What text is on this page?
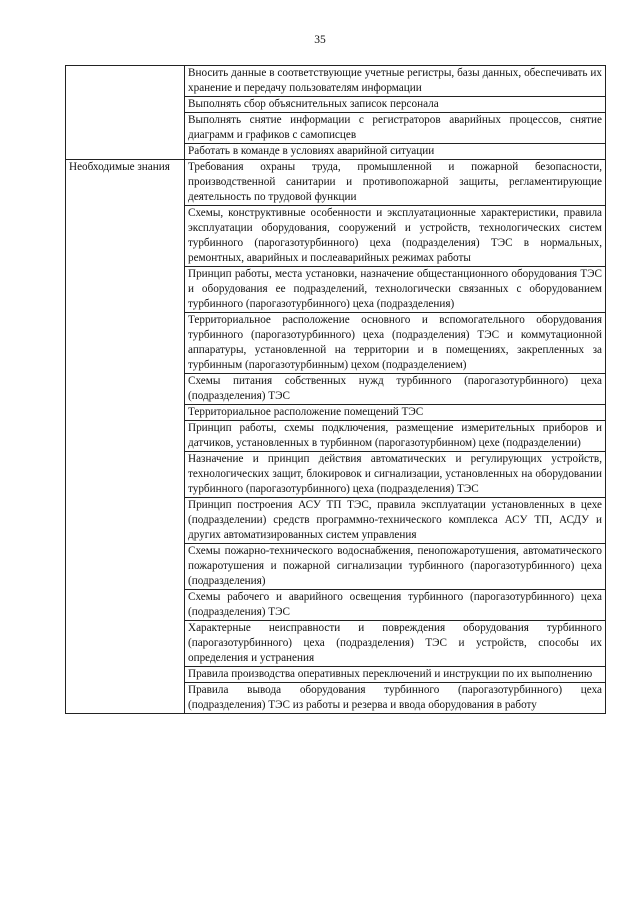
35

	Вносить данные в соответствующие учетные регистры, базы данных, обеспечивать их хранение и передачу пользователям информации

	Выполнять сбор объяснительных записок персонала

	Выполнять снятие информации с регистраторов аварийных процессов, снятие диаграмм и графиков с самописцев

	Работать в команде в условиях аварийной ситуации

Необходимые знания	Требования охраны труда, промышленной и пожарной безопасности, производственной санитарии и противопожарной защиты, регламентирующие деятельность по трудовой функции

	Схемы, конструктивные особенности и эксплуатационные характеристики, правила эксплуатации оборудования, сооружений и устройств, технологических систем турбинного (парогазотурбинного) цеха (подразделения) ТЭС в нормальных, ремонтных, аварийных и послеаварийных режимах работы

	Принцип работы, места установки, назначение общестанционного оборудования ТЭС и оборудования ее подразделений, технологически связанных с оборудованием турбинного (парогазотурбинного) цеха (подразделения)

	Территориальное расположение основного и вспомогательного оборудования турбинного (парогазотурбинного) цеха (подразделения) ТЭС и коммутационной аппаратуры, установленной на территории и в помещениях, закрепленных за турбинным (парогазотурбинным) цехом (подразделением)

	Схемы питания собственных нужд турбинного (парогазотурбинного) цеха (подразделения) ТЭС

	Территориальное расположение помещений ТЭС

	Принцип работы, схемы подключения, размещение измерительных приборов и датчиков, установленных в турбинном (парогазотурбинном) цехе (подразделении)

	Назначение и принцип действия автоматических и регулирующих устройств, технологических защит, блокировок и сигнализации, установленных на оборудовании турбинного (парогазотурбинного) цеха (подразделения) ТЭС

	Принцип построения АСУ ТП ТЭС, правила эксплуатации установленных в цехе (подразделении) средств программно-технического комплекса АСУ ТП, АСДУ и других автоматизированных систем управления

	Схемы пожарно-технического водоснабжения, пенопожаротушения, автоматического пожаротушения и пожарной сигнализации турбинного (парогазотурбинного) цеха (подразделения)

	Схемы рабочего и аварийного освещения турбинного (парогазотурбинного) цеха (подразделения) ТЭС

	Характерные неисправности и повреждения оборудования турбинного (парогазотурбинного) цеха (подразделения) ТЭС и устройств, способы их определения и устранения

	Правила производства оперативных переключений и инструкции по их выполнению

	Правила вывода оборудования турбинного (парогазотурбинного) цеха (подразделения) ТЭС из работы и резерва и ввода оборудования в работу
